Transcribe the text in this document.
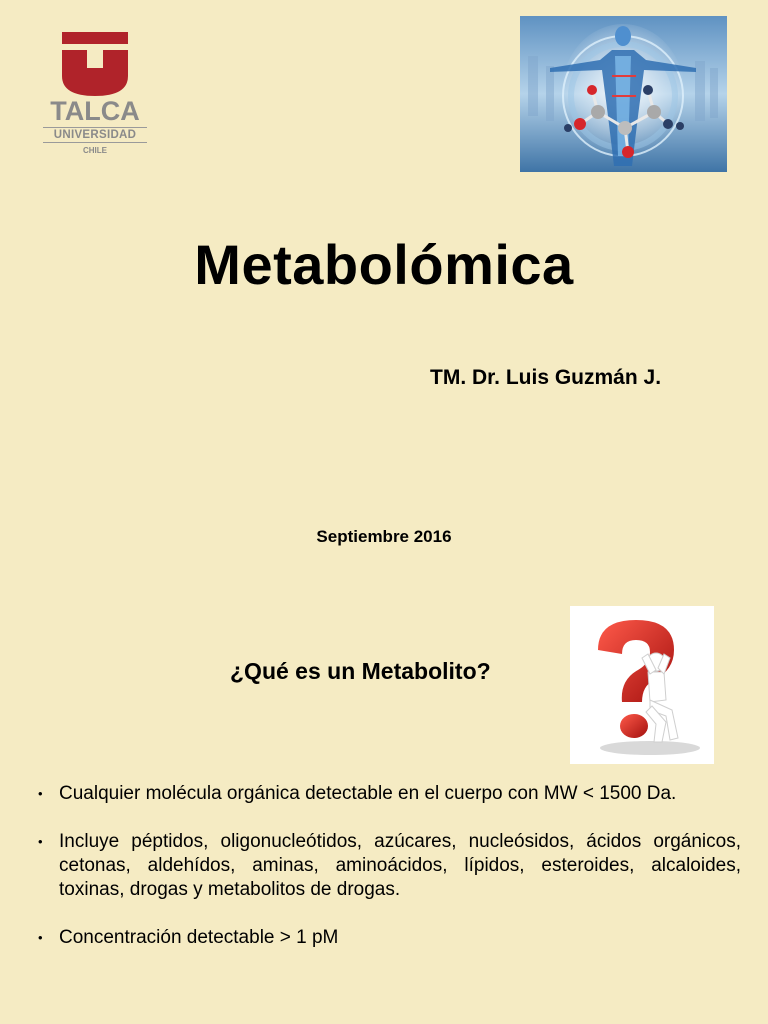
TALCA
UNIVERSIDAD
CHILE
Metabolómica
TM. Dr. Luis Guzmán J.
Septiembre 2016
¿Qué es un Metabolito?
• Cualquier molécula orgánica detectable en el cuerpo con MW < 1500 Da.
• Incluye péptidos, oligonucleótidos, azúcares, nucleósidos, ácidos orgánicos, cetonas, aldehídos, aminas, aminoácidos, lípidos, esteroides, alcaloides, toxinas, drogas y metabolitos de drogas.
• Concentración detectable > 1 pM
